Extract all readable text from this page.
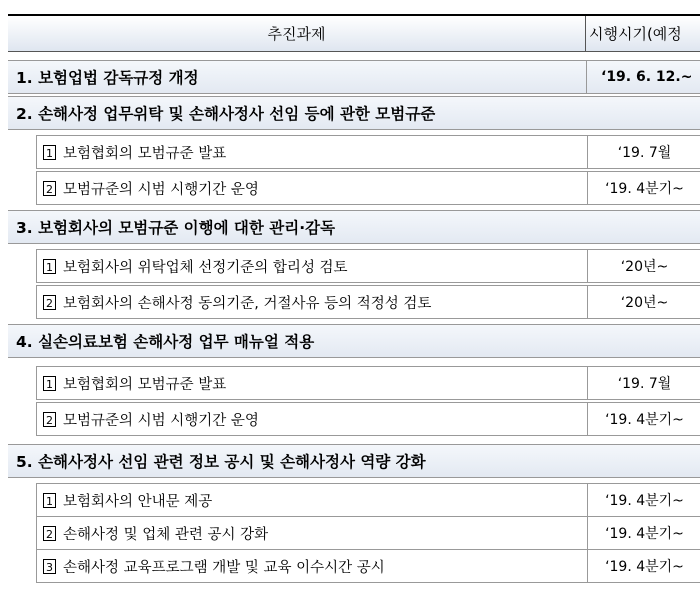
추진과제	시행시기(예정
1. 보험업법 감독규정 개정	‘19. 6. 12.~
2. 손해사정 업무위탁 및 손해사정사 선임 등에 관한 모범규준
1 보험협회의 모범규준 발표	‘19. 7월
2 모범규준의 시범 시행기간 운영	‘19. 4분기~
3. 보험회사의 모범규준 이행에 대한 관리·감독
1 보험회사의 위탁업체 선정기준의 합리성 검토	‘20년~
2 보험회사의 손해사정 동의기준, 거절사유 등의 적정성 검토	‘20년~
4. 실손의료보험 손해사정 업무 매뉴얼 적용
1 보험협회의 모범규준 발표	‘19. 7월
2 모범규준의 시범 시행기간 운영	‘19. 4분기~
5. 손해사정사 선임 관련 정보 공시 및 손해사정사 역량 강화
1 보험회사의 안내문 제공	‘19. 4분기~
2 손해사정 및 업체 관련 공시 강화	‘19. 4분기~
3 손해사정 교육프로그램 개발 및 교육 이수시간 공시	‘19. 4분기~
